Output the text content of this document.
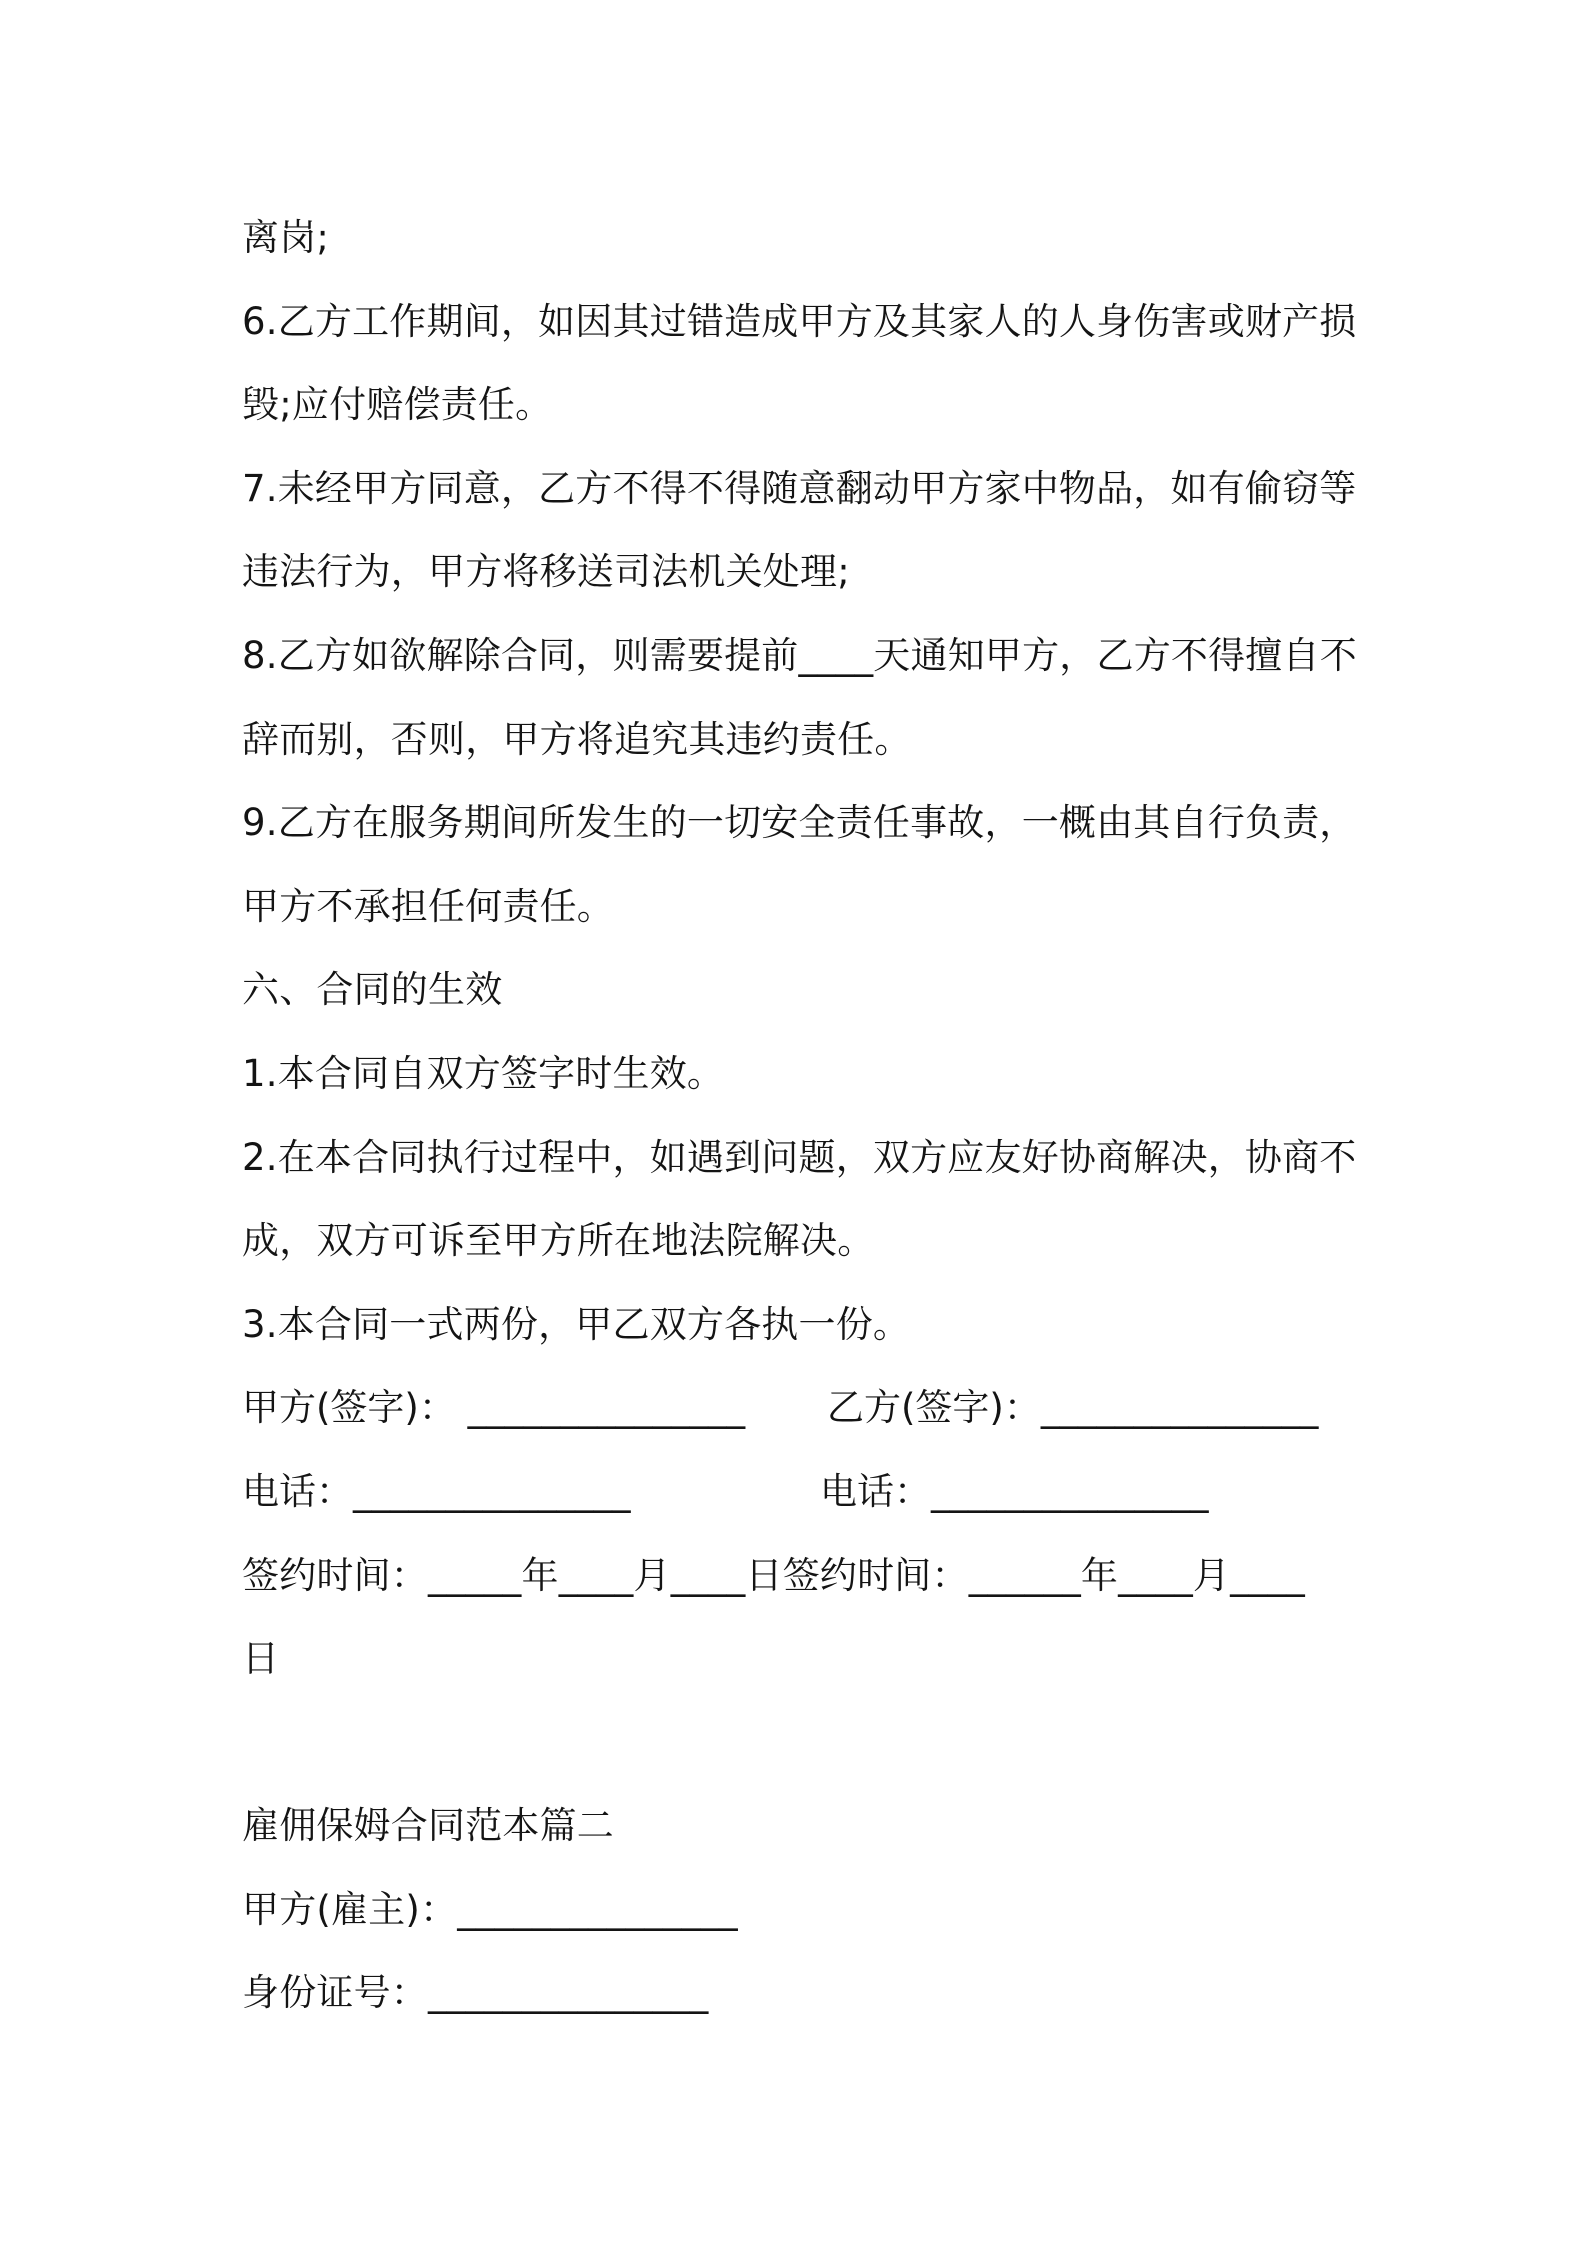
离岗;
6.乙方工作期间，如因其过错造成甲方及其家人的人身伤害或财产损
毁;应付赔偿责任。
7.未经甲方同意，乙方不得不得随意翻动甲方家中物品，如有偷窃等
违法行为，甲方将移送司法机关处理;
8.乙方如欲解除合同，则需要提前____天通知甲方，乙方不得擅自不
辞而别，否则，甲方将追究其违约责任。
9.乙方在服务期间所发生的一切安全责任事故，一概由其自行负责，
甲方不承担任何责任。
六、合同的生效
1.本合同自双方签字时生效。
2.在本合同执行过程中，如遇到问题，双方应友好协商解决，协商不
成，双方可诉至甲方所在地法院解决。
3.本合同一式两份，甲乙双方各执一份。
甲方(签字)： _______________ 乙方(签字)：_______________
电话：_______________	电话：_______________
签约时间：_____年____月____日签约时间：______年____月____
日
雇佣保姆合同范本篇二
甲方(雇主)：_______________
身份证号：_______________
